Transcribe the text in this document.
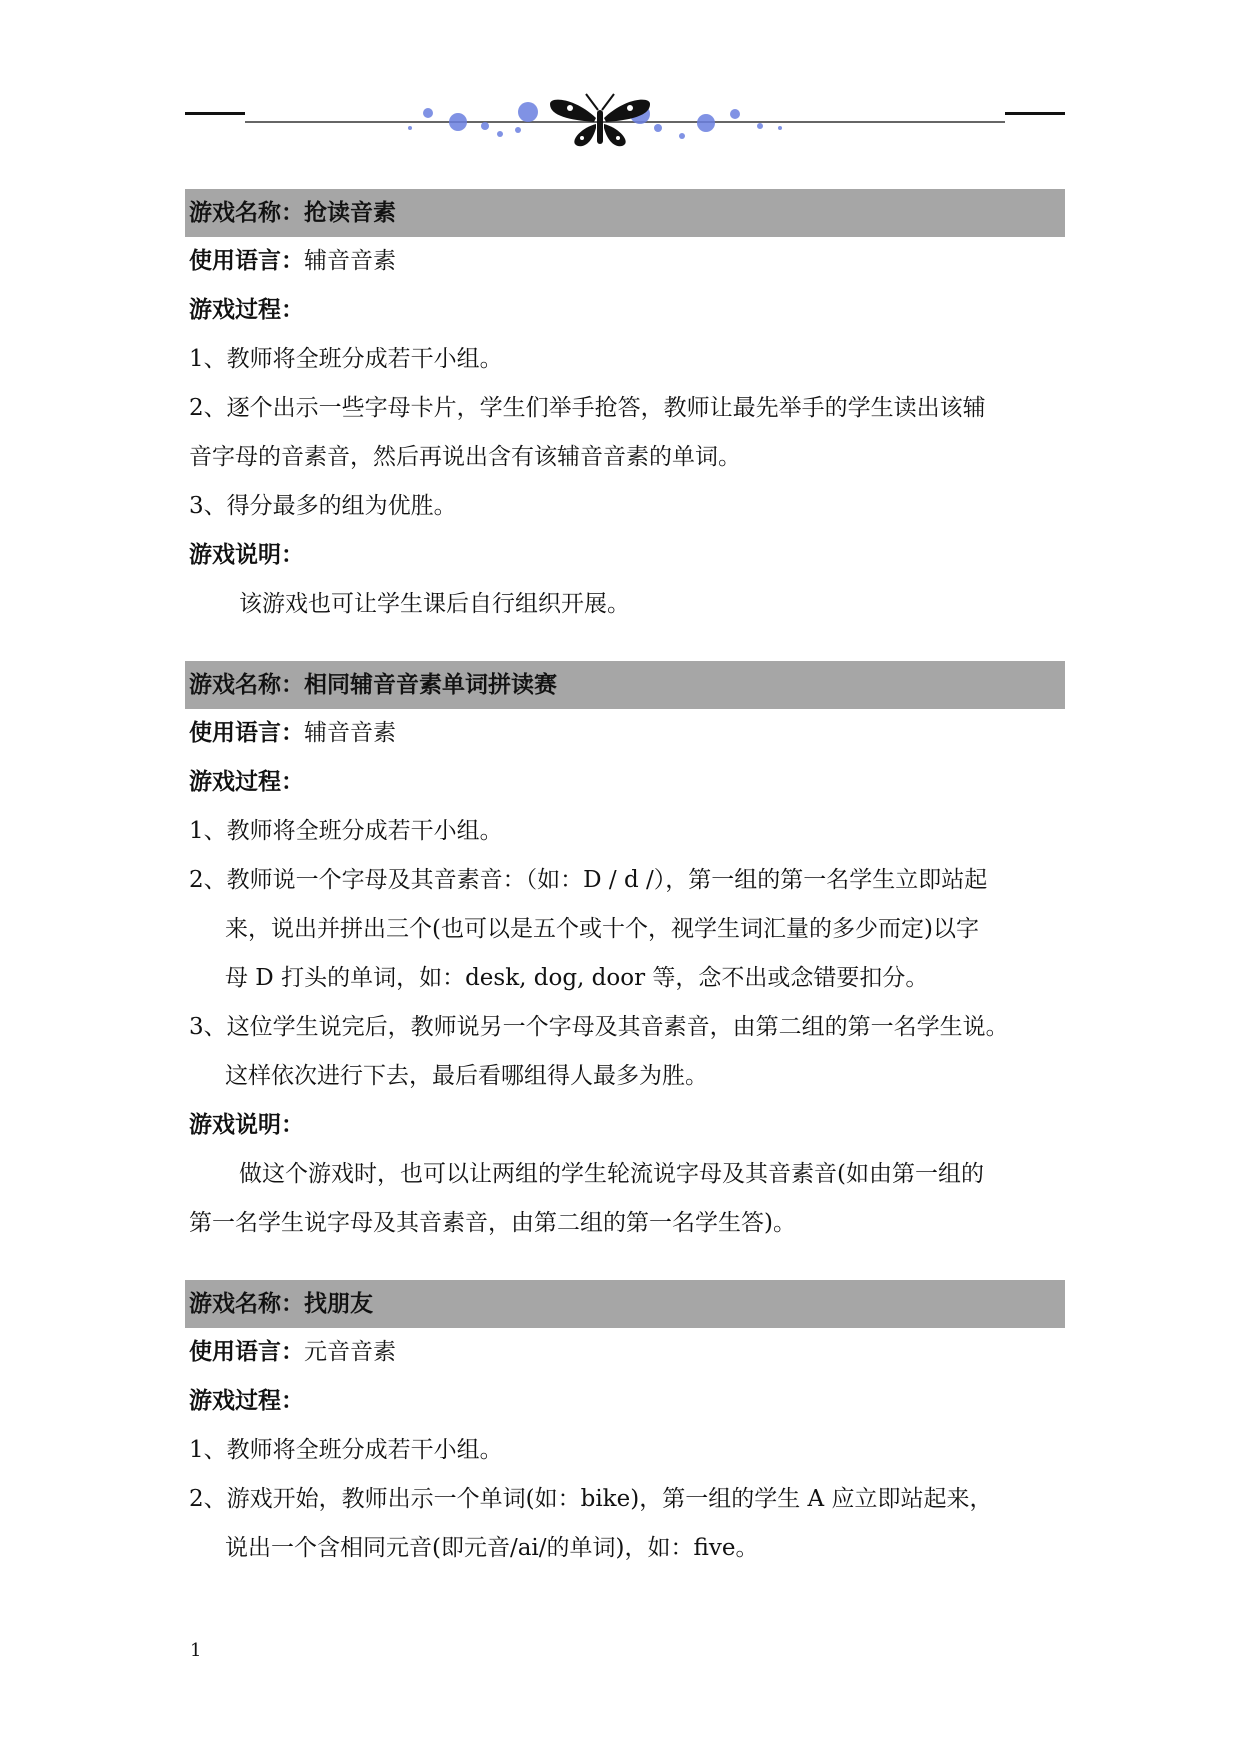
游戏名称：抢读音素
使用语言：辅音音素
游戏过程：
1、教师将全班分成若干小组。
2、逐个出示一些字母卡片，学生们举手抢答，教师让最先举手的学生读出该辅
音字母的音素音，然后再说出含有该辅音音素的单词。
3、得分最多的组为优胜。
游戏说明：
该游戏也可让学生课后自行组织开展。
游戏名称：相同辅音音素单词拼读赛
使用语言：辅音音素
游戏过程：
1、教师将全班分成若干小组。
2、教师说一个字母及其音素音：（如：D / d /），第一组的第一名学生立即站起
来，说出并拼出三个(也可以是五个或十个，视学生词汇量的多少而定)以字
母 D 打头的单词，如：desk, dog, door 等，念不出或念错要扣分。
3、这位学生说完后，教师说另一个字母及其音素音，由第二组的第一名学生说。
这样依次进行下去，最后看哪组得人最多为胜。
游戏说明：
做这个游戏时，也可以让两组的学生轮流说字母及其音素音(如由第一组的
第一名学生说字母及其音素音，由第二组的第一名学生答)。
游戏名称：找朋友
使用语言：元音音素
游戏过程：
1、教师将全班分成若干小组。
2、游戏开始，教师出示一个单词(如：bike)，第一组的学生 A 应立即站起来，
说出一个含相同元音(即元音/ai/的单词)，如：five。
1
